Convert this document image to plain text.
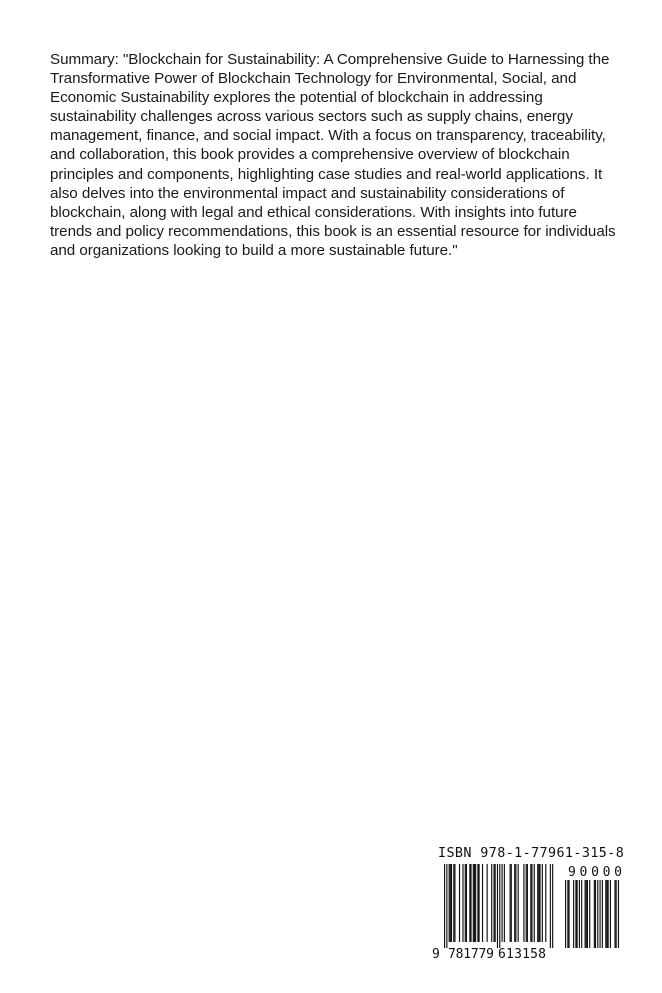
Summary: "Blockchain for Sustainability: A Comprehensive Guide to Harnessing the Transformative Power of Blockchain Technology for Environmental, Social, and Economic Sustainability explores the potential of blockchain in addressing sustainability challenges across various sectors such as supply chains, energy management, finance, and social impact. With a focus on transparency, traceability, and collaboration, this book provides a comprehensive overview of blockchain principles and components, highlighting case studies and real-world applications. It also delves into the environmental impact and sustainability considerations of blockchain, along with legal and ethical considerations. With insights into future trends and policy recommendations, this book is an essential resource for individuals and organizations looking to build a more sustainable future."

ISBN 978-1-77961-315-8
9 781779 613158
90000
